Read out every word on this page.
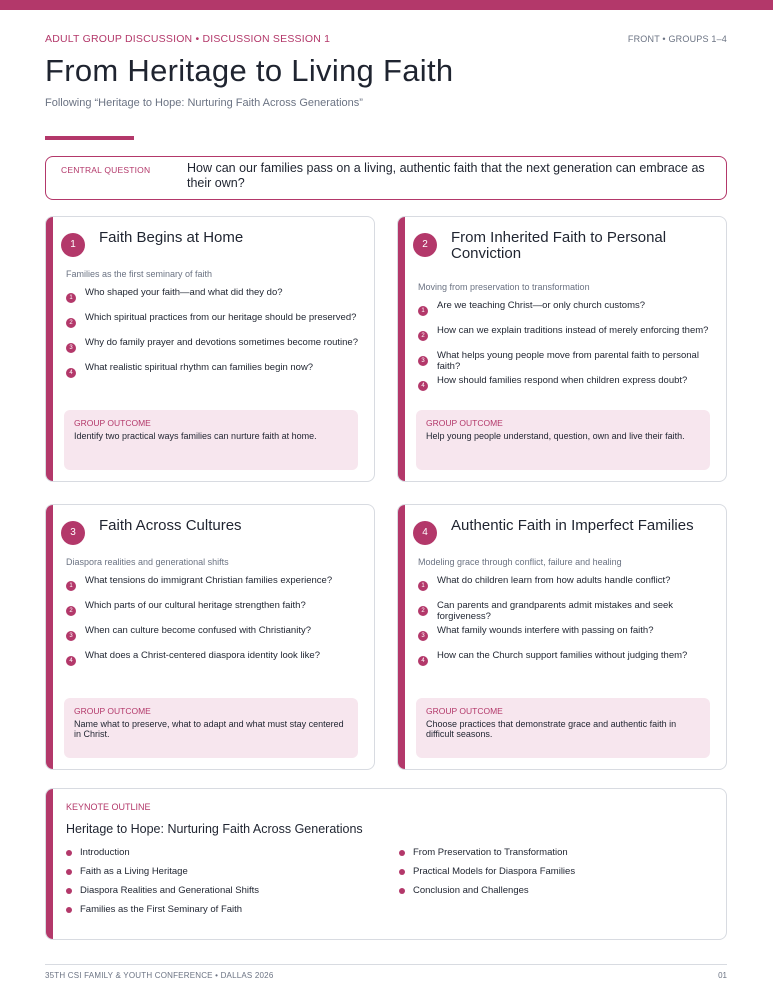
ADULT GROUP DISCUSSION • DISCUSSION SESSION 1	FRONT • GROUPS 1–4
From Heritage to Living Faith
Following “Heritage to Hope: Nurturing Faith Across Generations”
CENTRAL QUESTION	How can our families pass on a living, authentic faith that the next generation can embrace as their own?
1	Faith Begins at Home
Families as the first seminary of faith
1	Who shaped your faith—and what did they do?
2	Which spiritual practices from our heritage should be preserved?
3	Why do family prayer and devotions sometimes become routine?
4	What realistic spiritual rhythm can families begin now?
GROUP OUTCOME
Identify two practical ways families can nurture faith at home.
2	From Inherited Faith to Personal Conviction
Moving from preservation to transformation
1	Are we teaching Christ—or only church customs?
2	How can we explain traditions instead of merely enforcing them?
3	What helps young people move from parental faith to personal faith?
4	How should families respond when children express doubt?
GROUP OUTCOME
Help young people understand, question, own and live their faith.
3	Faith Across Cultures
Diaspora realities and generational shifts
1	What tensions do immigrant Christian families experience?
2	Which parts of our cultural heritage strengthen faith?
3	When can culture become confused with Christianity?
4	What does a Christ-centered diaspora identity look like?
GROUP OUTCOME
Name what to preserve, what to adapt and what must stay centered in Christ.
4	Authentic Faith in Imperfect Families
Modeling grace through conflict, failure and healing
1	What do children learn from how adults handle conflict?
2	Can parents and grandparents admit mistakes and seek forgiveness?
3	What family wounds interfere with passing on faith?
4	How can the Church support families without judging them?
GROUP OUTCOME
Choose practices that demonstrate grace and authentic faith in difficult seasons.
KEYNOTE OUTLINE
Heritage to Hope: Nurturing Faith Across Generations
Introduction
Faith as a Living Heritage
Diaspora Realities and Generational Shifts
Families as the First Seminary of Faith
From Preservation to Transformation
Practical Models for Diaspora Families
Conclusion and Challenges
35TH CSI FAMILY & YOUTH CONFERENCE • DALLAS 2026	01
